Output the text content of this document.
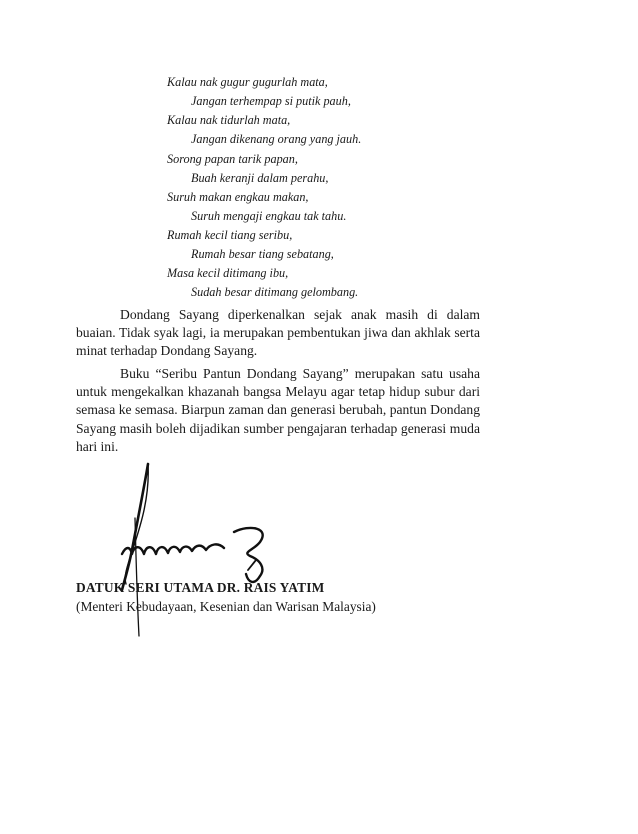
Kalau nak gugur gugurlah mata,
Jangan terhempap si putik pauh,
Kalau nak tidurlah mata,
Jangan dikenang orang yang jauh.
Sorong papan tarik papan,
Buah keranji dalam perahu,
Suruh makan engkau makan,
Suruh mengaji engkau tak tahu.
Rumah kecil tiang seribu,
Rumah besar tiang sebatang,
Masa kecil ditimang ibu,
Sudah besar ditimang gelombang.

Dondang Sayang diperkenalkan sejak anak masih di dalam buaian. Tidak syak lagi, ia merupakan pembentukan jiwa dan akhlak serta minat terhadap Dondang Sayang.

Buku “Seribu Pantun Dondang Sayang” merupakan satu usaha untuk mengekalkan khazanah bangsa Melayu agar tetap hidup subur dari semasa ke semasa. Biarpun zaman dan generasi berubah, pantun Dondang Sayang masih boleh dijadikan sumber pengajaran terhadap generasi muda hari ini.

DATUK SERI UTAMA DR. RAIS YATIM
(Menteri Kebudayaan, Kesenian dan Warisan Malaysia)
